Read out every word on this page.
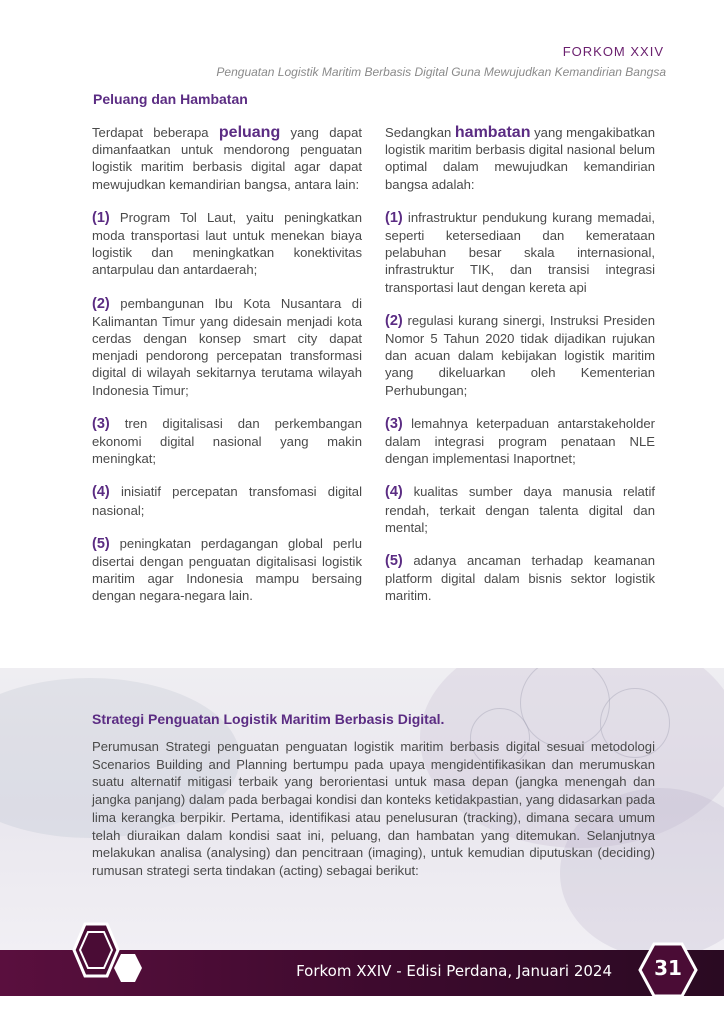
FORKOM XXIV
Penguatan Logistik Maritim Berbasis Digital Guna Mewujudkan Kemandirian Bangsa
Peluang dan Hambatan

Terdapat beberapa peluang yang dapat dimanfaatkan untuk mendorong penguatan logistik maritim berbasis digital agar dapat mewujudkan kemandirian bangsa, antara lain:

(1) Program Tol Laut, yaitu peningkatkan moda transportasi laut untuk menekan biaya logistik dan meningkatkan konektivitas antarpulau dan antardaerah;

(2) pembangunan Ibu Kota Nusantara di Kalimantan Timur yang didesain menjadi kota cerdas dengan konsep smart city dapat menjadi pendorong percepatan transformasi digital di wilayah sekitarnya terutama wilayah Indonesia Timur;

(3) tren digitalisasi dan perkembangan ekonomi digital nasional yang makin meningkat;

(4) inisiatif percepatan transfomasi digital nasional;

(5) peningkatan perdagangan global perlu disertai dengan penguatan digitalisasi logistik maritim agar Indonesia mampu bersaing dengan negara-negara lain.

Sedangkan hambatan yang mengakibatkan logistik maritim berbasis digital nasional belum optimal dalam mewujudkan kemandirian bangsa adalah:

(1) infrastruktur pendukung kurang memadai, seperti ketersediaan dan kemerataan pelabuhan besar skala internasional, infrastruktur TIK, dan transisi integrasi transportasi laut dengan kereta api

(2) regulasi kurang sinergi, Instruksi Presiden Nomor 5 Tahun 2020 tidak dijadikan rujukan dan acuan dalam kebijakan logistik maritim yang dikeluarkan oleh Kementerian Perhubungan;

(3) lemahnya keterpaduan antarstakeholder dalam integrasi program penataan NLE dengan implementasi Inaportnet;

(4) kualitas sumber daya manusia relatif rendah, terkait dengan talenta digital dan mental;

(5) adanya ancaman terhadap keamanan platform digital dalam bisnis sektor logistik maritim.

Strategi Penguatan Logistik Maritim Berbasis Digital.
Perumusan Strategi penguatan penguatan logistik maritim berbasis digital sesuai metodologi Scenarios Building and Planning bertumpu pada upaya mengidentifikasikan dan merumuskan suatu alternatif mitigasi terbaik yang berorientasi untuk masa depan (jangka menengah dan jangka panjang) dalam pada berbagai kondisi dan konteks ketidakpastian, yang didasarkan pada lima kerangka berpikir. Pertama, identifikasi atau penelusuran (tracking), dimana secara umum telah diuraikan dalam kondisi saat ini, peluang, dan hambatan yang ditemukan. Selanjutnya melakukan analisa (analysing) dan pencitraan (imaging), untuk kemudian diputuskan (deciding) rumusan strategi serta tindakan (acting) sebagai berikut:
Forkom XXIV - Edisi Perdana, Januari 2024	31
